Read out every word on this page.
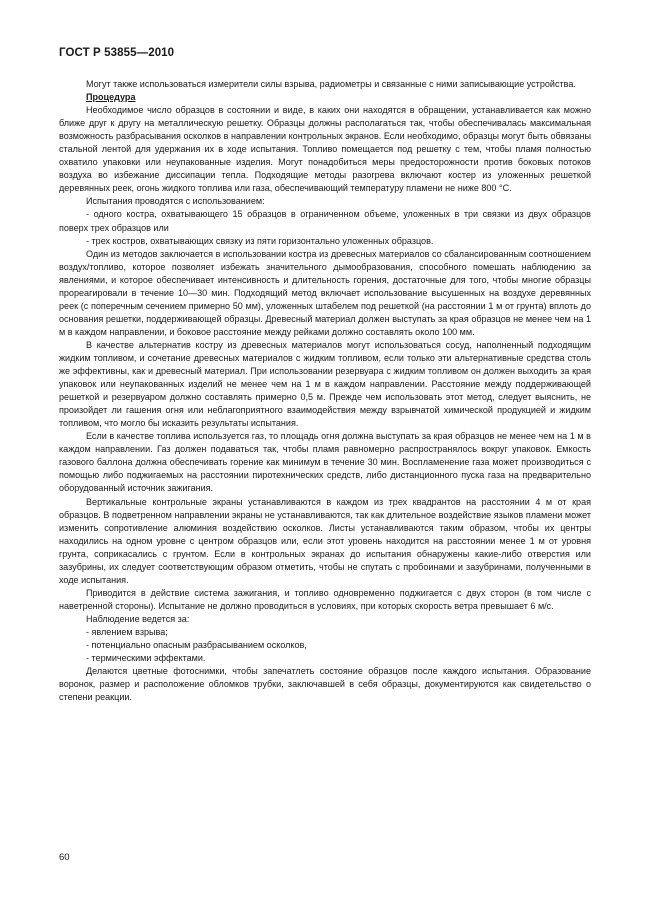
ГОСТ Р 53855—2010

Могут также использоваться измерители силы взрыва, радиометры и связанные с ними записывающие устройства.

Процедура

Необходимое число образцов в состоянии и виде, в каких они находятся в обращении, устанавливается как можно ближе друг к другу на металлическую решетку. Образцы должны располагаться так, чтобы обеспечивалась максимальная возможность разбрасывания осколков в направлении контрольных экранов. Если необходимо, образцы могут быть обвязаны стальной лентой для удержания их в ходе испытания. Топливо помещается под решетку с тем, чтобы пламя полностью охватило упаковки или неупакованные изделия. Могут понадобиться меры предосторожности против боковых потоков воздуха во избежание диссипации тепла. Подходящие методы разогрева включают костер из уложенных решеткой деревянных реек, огонь жидкого топлива или газа, обеспечивающий температуру пламени не ниже 800 °С.

Испытания проводятся с использованием:

- одного костра, охватывающего 15 образцов в ограниченном объеме, уложенных в три связки из двух образцов поверх трех образцов или

- трех костров, охватывающих связку из пяти горизонтально уложенных образцов.

Один из методов заключается в использовании костра из древесных материалов со сбалансированным соотношением воздух/топливо, которое позволяет избежать значительного дымообразования, способного помешать наблюдению за явлениями, и которое обеспечивает интенсивность и длительность горения, достаточные для того, чтобы многие образцы прореагировали в течение 10—30 мин. Подходящий метод включает использование высушенных на воздухе деревянных реек (с поперечным сечением примерно 50 мм), уложенных штабелем под решеткой (на расстоянии 1 м от грунта) вплоть до основания решетки, поддерживающей образцы. Древесный материал должен выступать за края образцов не менее чем на 1 м в каждом направлении, и боковое расстояние между рейками должно составлять около 100 мм.

В качестве альтернатив костру из древесных материалов могут использоваться сосуд, наполненный подходящим жидким топливом, и сочетание древесных материалов с жидким топливом, если только эти альтернативные средства столь же эффективны, как и древесный материал. При использовании резервуара с жидким топливом он должен выходить за края упаковок или неупакованных изделий не менее чем на 1 м в каждом направлении. Расстояние между поддерживающей решеткой и резервуаром должно составлять примерно 0,5 м. Прежде чем использовать этот метод, следует выяснить, не произойдет ли гашения огня или неблагоприятного взаимодействия между взрывчатой химической продукцией и жидким топливом, что могло бы исказить результаты испытания.

Если в качестве топлива используется газ, то площадь огня должна выступать за края образцов не менее чем на 1 м в каждом направлении. Газ должен подаваться так, чтобы пламя равномерно распространялось вокруг упаковок. Емкость газового баллона должна обеспечивать горение как минимум в течение 30 мин. Воспламенение газа может производиться с помощью либо поджигаемых на расстоянии пиротехнических средств, либо дистанционного пуска газа на предварительно оборудованный источник зажигания.

Вертикальные контрольные экраны устанавливаются в каждом из трех квадрантов на расстоянии 4 м от края образцов. В подветренном направлении экраны не устанавливаются, так как длительное воздействие языков пламени может изменить сопротивление алюминия воздействию осколков. Листы устанавливаются таким образом, чтобы их центры находились на одном уровне с центром образцов или, если этот уровень находится на расстоянии менее 1 м от уровня грунта, соприкасались с грунтом. Если в контрольных экранах до испытания обнаружены какие-либо отверстия или зазубрины, их следует соответствующим образом отметить, чтобы не спутать с пробоинами и зазубринами, полученными в ходе испытания.

Приводится в действие система зажигания, и топливо одновременно поджигается с двух сторон (в том числе с наветренной стороны). Испытание не должно проводиться в условиях, при которых скорость ветра превышает 6 м/с.

Наблюдение ведется за:

- явлением взрыва;

- потенциально опасным разбрасыванием осколков,

- термическими эффектами.

Делаются цветные фотоснимки, чтобы запечатлеть состояние образцов после каждого испытания. Образование воронок, размер и расположение обломков трубки, заключавшей в себя образцы, документируются как свидетельство о степени реакции.

60
